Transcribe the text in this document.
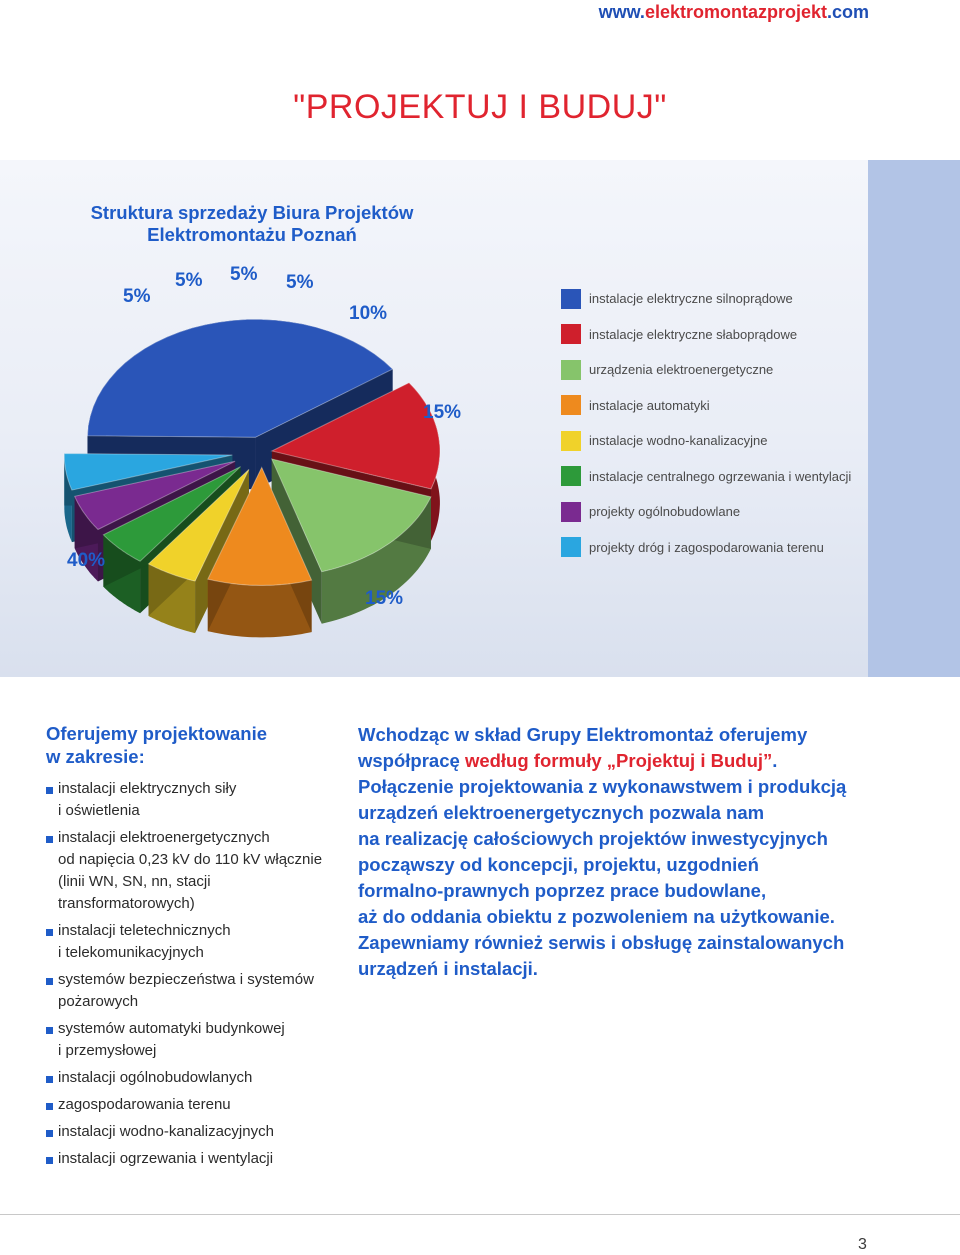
www.elektromontazprojekt.com
"PROJEKTUJ I BUDUJ"
Struktura sprzedaży Biura Projektów
Elektromontażu Poznań
40%
15%
15%
10%
5%
5%
5%
5%	instalacje elektryczne silnoprądowe
instalacje elektryczne słaboprądowe
urządzenia elektroenergetyczne
instalacje automatyki
instalacje wodno-kanalizacyjne
instalacje centralnego ogrzewania i wentylacji
projekty ogólnobudowlane
projekty dróg i zagospodarowania terenu
Oferujemy projektowanie
w zakresie:
instalacji elektrycznych siły
i oświetlenia
instalacji elektroenergetycznych
od napięcia 0,23 kV do 110 kV włącznie
(linii WN, SN, nn, stacji
transformatorowych)
instalacji teletechnicznych
i telekomunikacyjnych
systemów bezpieczeństwa i systemów
pożarowych
systemów automatyki budynkowej
i przemysłowej
instalacji ogólnobudowlanych
zagospodarowania terenu
instalacji wodno-kanalizacyjnych
instalacji ogrzewania i wentylacji
Wchodząc w skład Grupy Elektromontaż oferujemy
współpracę według formuły „Projektuj i Buduj”.
Połączenie projektowania z wykonawstwem i produkcją
urządzeń elektroenergetycznych pozwala nam
na realizację całościowych projektów inwestycyjnych
począwszy od koncepcji, projektu, uzgodnień
formalno-prawnych poprzez prace budowlane,
aż do oddania obiektu z pozwoleniem na użytkowanie.
Zapewniamy również serwis i obsługę zainstalowanych
urządzeń i instalacji.
3
